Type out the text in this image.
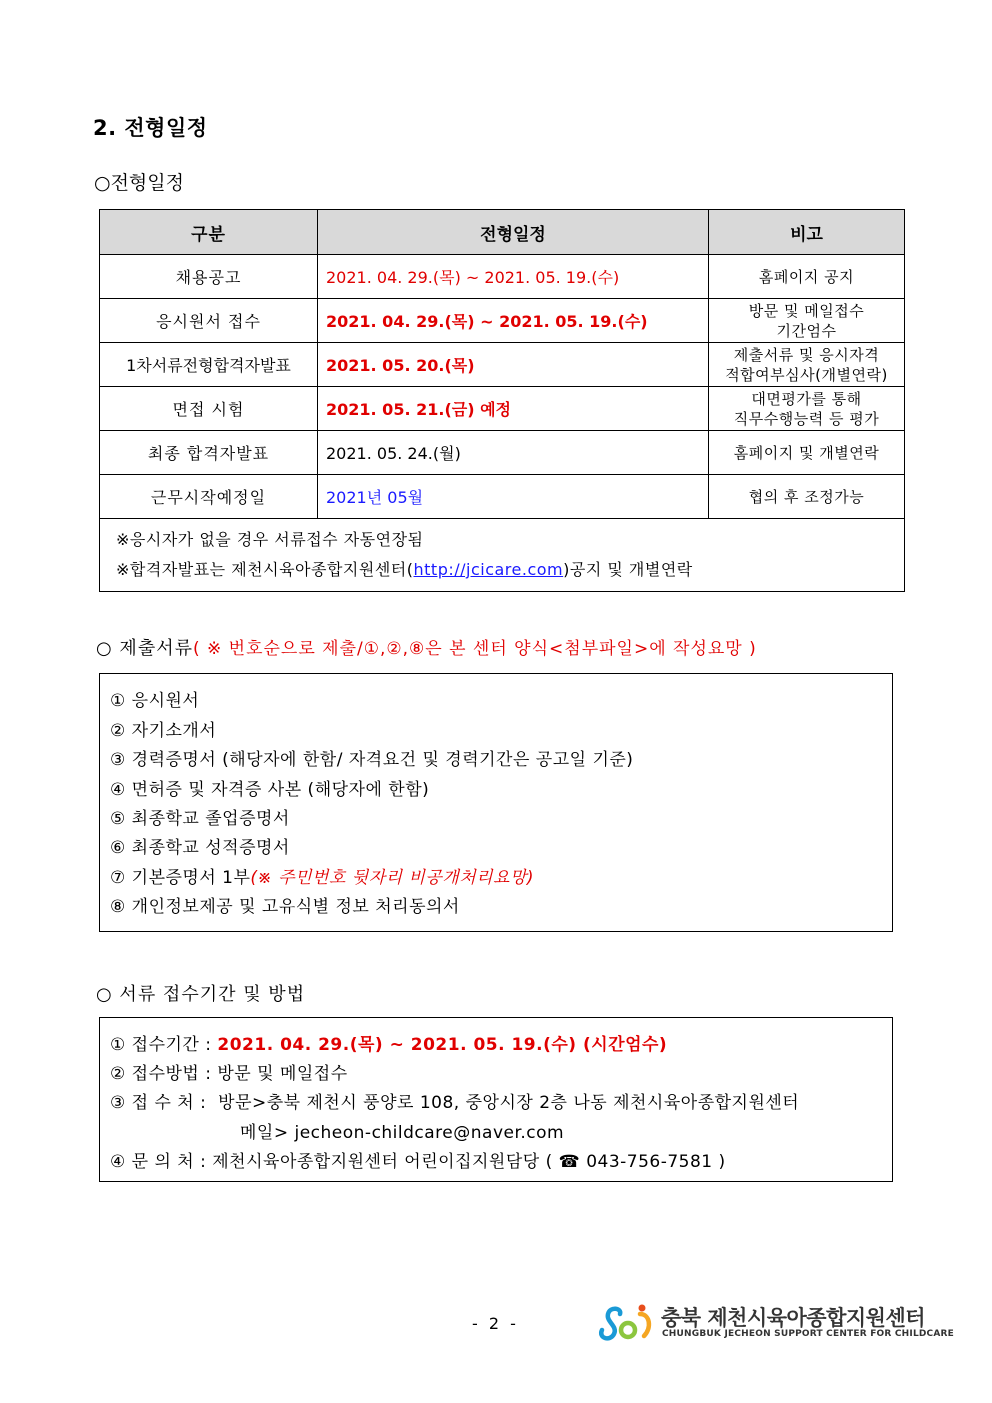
2. 전형일정
○전형일정
구분	전형일정	비고
채용공고	2021. 04. 29.(목) ~ 2021. 05. 19.(수)	홈페이지 공지
응시원서 접수	2021. 04. 29.(목) ~ 2021. 05. 19.(수)	방문 및 메일접수
기간엄수
1차서류전형합격자발표	2021. 05. 20.(목)	제출서류 및 응시자격
적합여부심사(개별연락)
면접 시험	2021. 05. 21.(금) 예정	대면평가를 통해
직무수행능력 등 평가
최종 합격자발표	2021. 05. 24.(월)	홈페이지 및 개별연락
근무시작예정일	2021년 05월	협의 후 조정가능

※응시자가 없을 경우 서류접수 자동연장됨
※합격자발표는 제천시육아종합지원센터(http://jcicare.com)공지 및 개별연락		
○ 제출서류( ※ 번호순으로 제출/①,②,⑧은 본 센터 양식<첨부파일>에 작성요망 )
① 응시원서
② 자기소개서
③ 경력증명서 (해당자에 한함/ 자격요건 및 경력기간은 공고일 기준)
④ 면허증 및 자격증 사본 (해당자에 한함)
⑤ 최종학교 졸업증명서
⑥ 최종학교 성적증명서
⑦ 기본증명서 1부(※ 주민번호 뒷자리 비공개처리요망)
⑧ 개인정보제공 및 고유식별 정보 처리동의서
○ 서류 접수기간 및 방법
① 접수기간 : 2021. 04. 29.(목) ~ 2021. 05. 19.(수) (시간엄수)
② 접수방법 : 방문 및 메일접수
③ 접 수 처 : 방문>충북 제천시 풍양로 108, 중앙시장 2층 나동 제천시육아종합지원센터
메일> jecheon-childcare@naver.com
④ 문 의 처 : 제천시육아종합지원센터 어린이집지원담당 ( ☎ 043-756-7581 )
- 2 -	충북 제천시육아종합지원센터
CHUNGBUK JECHEON SUPPORT CENTER FOR CHILDCARE
